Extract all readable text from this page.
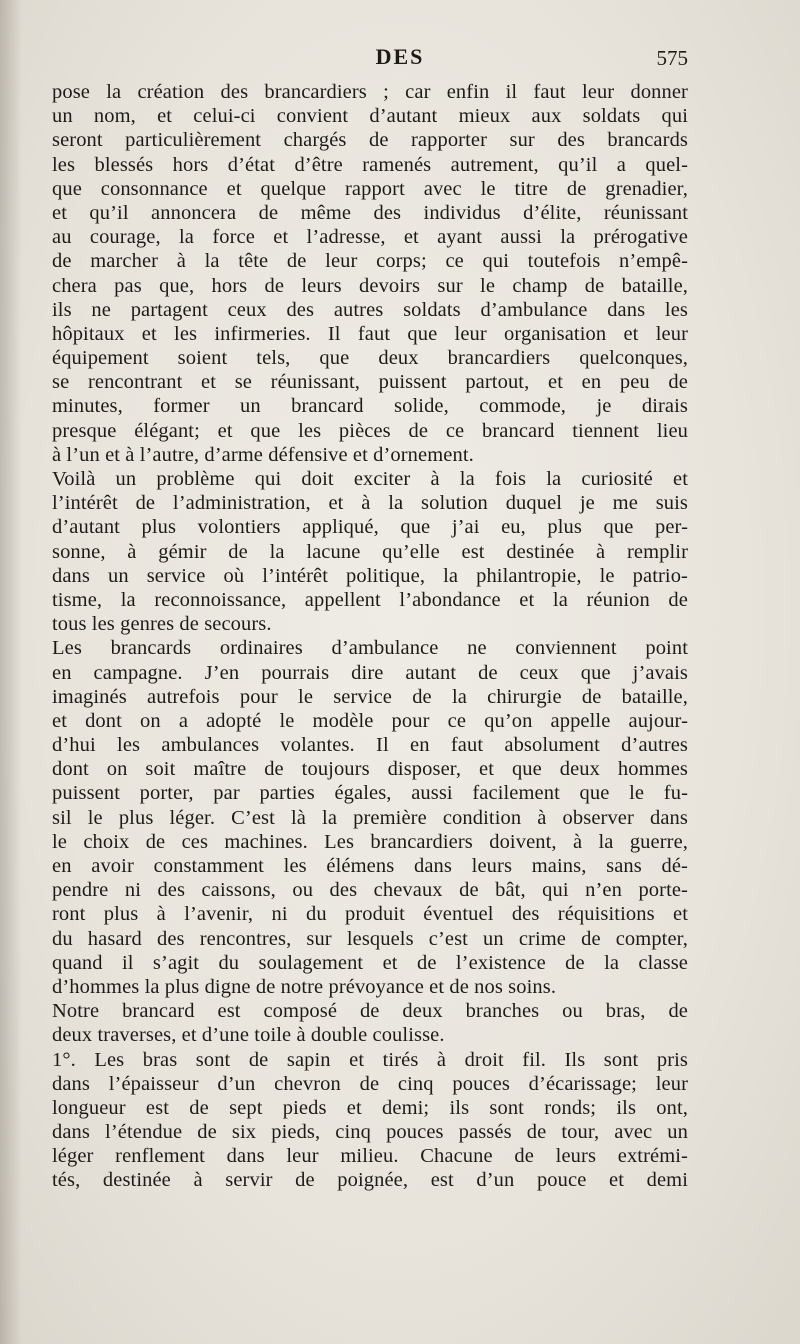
DES	575
pose la création des brancardiers ; car enfin il faut leur donner
un nom, et celui-ci convient d’autant mieux aux soldats qui
seront particulièrement chargés de rapporter sur des brancards
les blessés hors d’état d’être ramenés autrement, qu’il a quel-
que consonnance et quelque rapport avec le titre de grenadier,
et qu’il annoncera de même des individus d’élite, réunissant
au courage, la force et l’adresse, et ayant aussi la prérogative
de marcher à la tête de leur corps; ce qui toutefois n’empê-
chera pas que, hors de leurs devoirs sur le champ de bataille,
ils ne partagent ceux des autres soldats d’ambulance dans les
hôpitaux et les infirmeries. Il faut que leur organisation et leur
équipement soient tels, que deux brancardiers quelconques,
se rencontrant et se réunissant, puissent partout, et en peu de
minutes, former un brancard solide, commode, je dirais
presque élégant; et que les pièces de ce brancard tiennent lieu
à l’un et à l’autre, d’arme défensive et d’ornement.
Voilà un problème qui doit exciter à la fois la curiosité et
l’intérêt de l’administration, et à la solution duquel je me suis
d’autant plus volontiers appliqué, que j’ai eu, plus que per-
sonne, à gémir de la lacune qu’elle est destinée à remplir
dans un service où l’intérêt politique, la philantropie, le patrio-
tisme, la reconnoissance, appellent l’abondance et la réunion de
tous les genres de secours.
Les brancards ordinaires d’ambulance ne conviennent point
en campagne. J’en pourrais dire autant de ceux que j’avais
imaginés autrefois pour le service de la chirurgie de bataille,
et dont on a adopté le modèle pour ce qu’on appelle aujour-
d’hui les ambulances volantes. Il en faut absolument d’autres
dont on soit maître de toujours disposer, et que deux hommes
puissent porter, par parties égales, aussi facilement que le fu-
sil le plus léger. C’est là la première condition à observer dans
le choix de ces machines. Les brancardiers doivent, à la guerre,
en avoir constamment les élémens dans leurs mains, sans dé-
pendre ni des caissons, ou des chevaux de bât, qui n’en porte-
ront plus à l’avenir, ni du produit éventuel des réquisitions et
du hasard des rencontres, sur lesquels c’est un crime de compter,
quand il s’agit du soulagement et de l’existence de la classe
d’hommes la plus digne de notre prévoyance et de nos soins.
Notre brancard est composé de deux branches ou bras, de
deux traverses, et d’une toile à double coulisse.
1°. Les bras sont de sapin et tirés à droit fil. Ils sont pris
dans l’épaisseur d’un chevron de cinq pouces d’écarissage; leur
longueur est de sept pieds et demi; ils sont ronds; ils ont,
dans l’étendue de six pieds, cinq pouces passés de tour, avec un
léger renflement dans leur milieu. Chacune de leurs extrémi-
tés, destinée à servir de poignée, est d’un pouce et demi
